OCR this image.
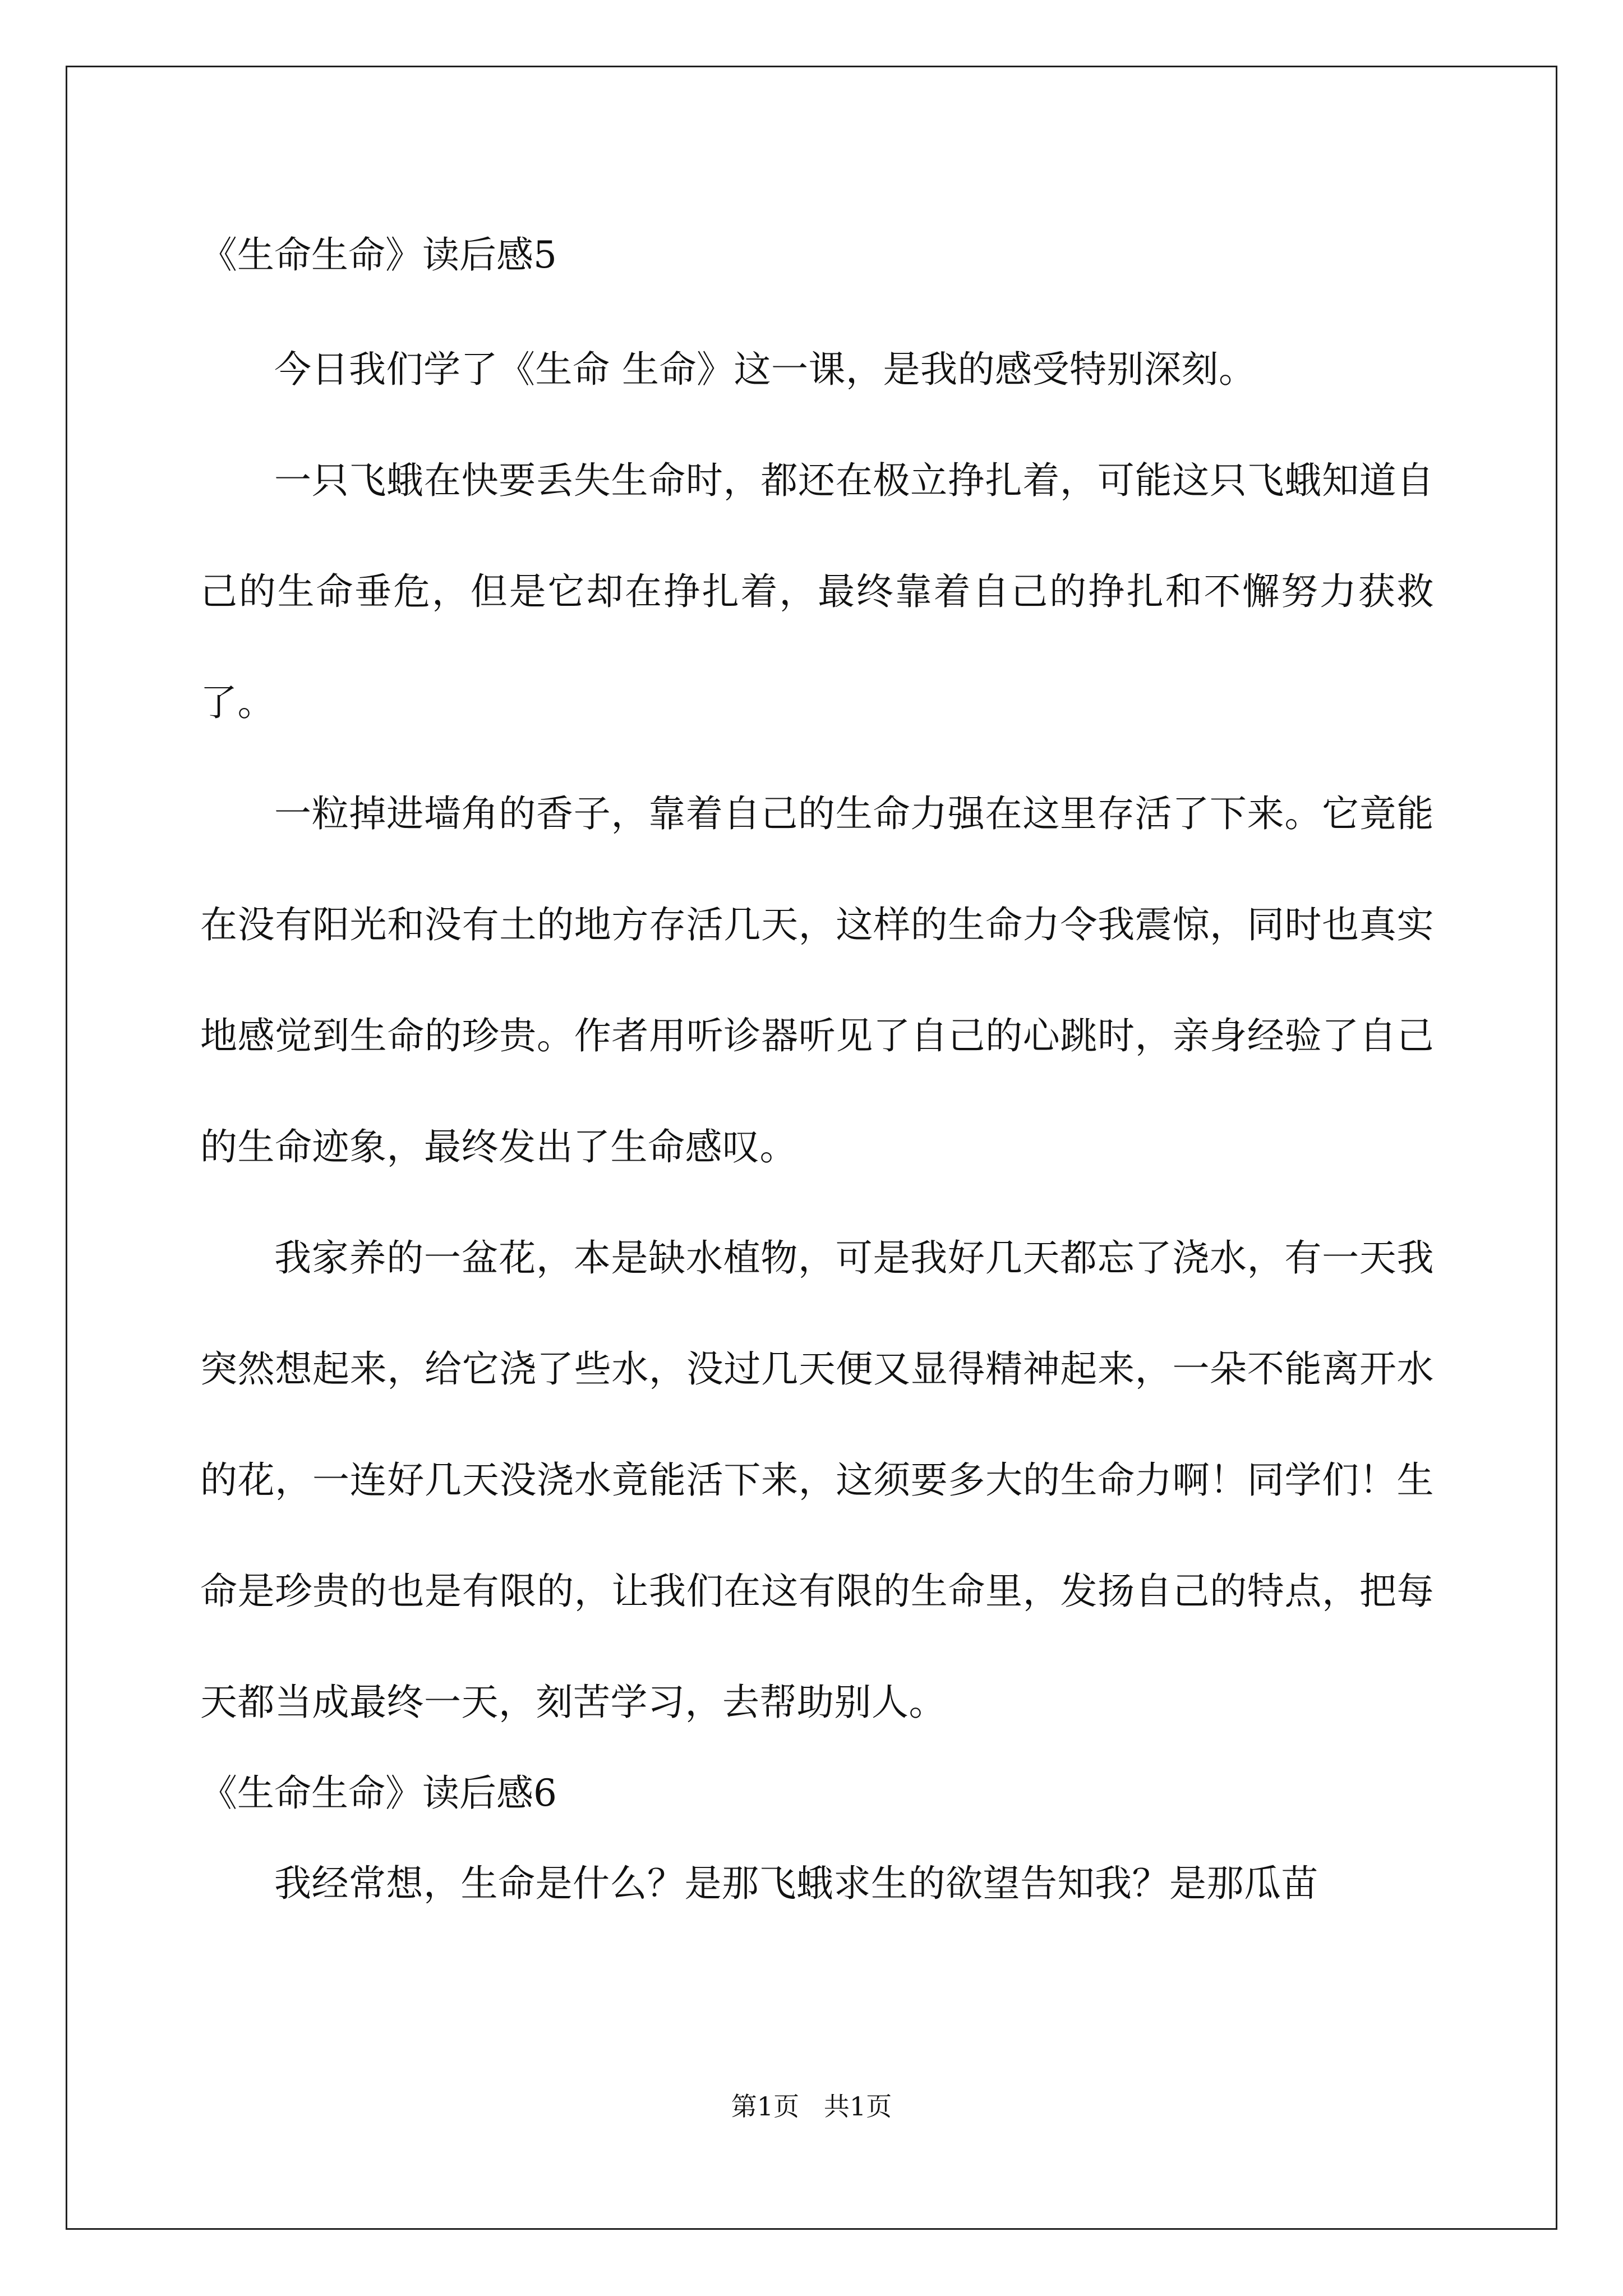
《生命生命》读后感5

今日我们学了《生命 生命》这一课，是我的感受特别深刻。

一只飞蛾在快要丢失生命时，都还在极立挣扎着，可能这只飞蛾知道自己的生命垂危，但是它却在挣扎着，最终靠着自己的挣扎和不懈努力获救了。

一粒掉进墙角的香子，靠着自己的生命力强在这里存活了下来。它竟能在没有阳光和没有土的地方存活几天，这样的生命力令我震惊，同时也真实地感觉到生命的珍贵。作者用听诊器听见了自己的心跳时，亲身经验了自己的生命迹象，最终发出了生命感叹。

我家养的一盆花，本是缺水植物，可是我好几天都忘了浇水，有一天我突然想起来，给它浇了些水，没过几天便又显得精神起来，一朵不能离开水的花，一连好几天没浇水竟能活下来，这须要多大的生命力啊！同学们！生命是珍贵的也是有限的，让我们在这有限的生命里，发扬自己的特点，把每天都当成最终一天，刻苦学习，去帮助别人。

《生命生命》读后感6

我经常想，生命是什么？是那飞蛾求生的欲望告知我？是那瓜苗

第1页   共1页
